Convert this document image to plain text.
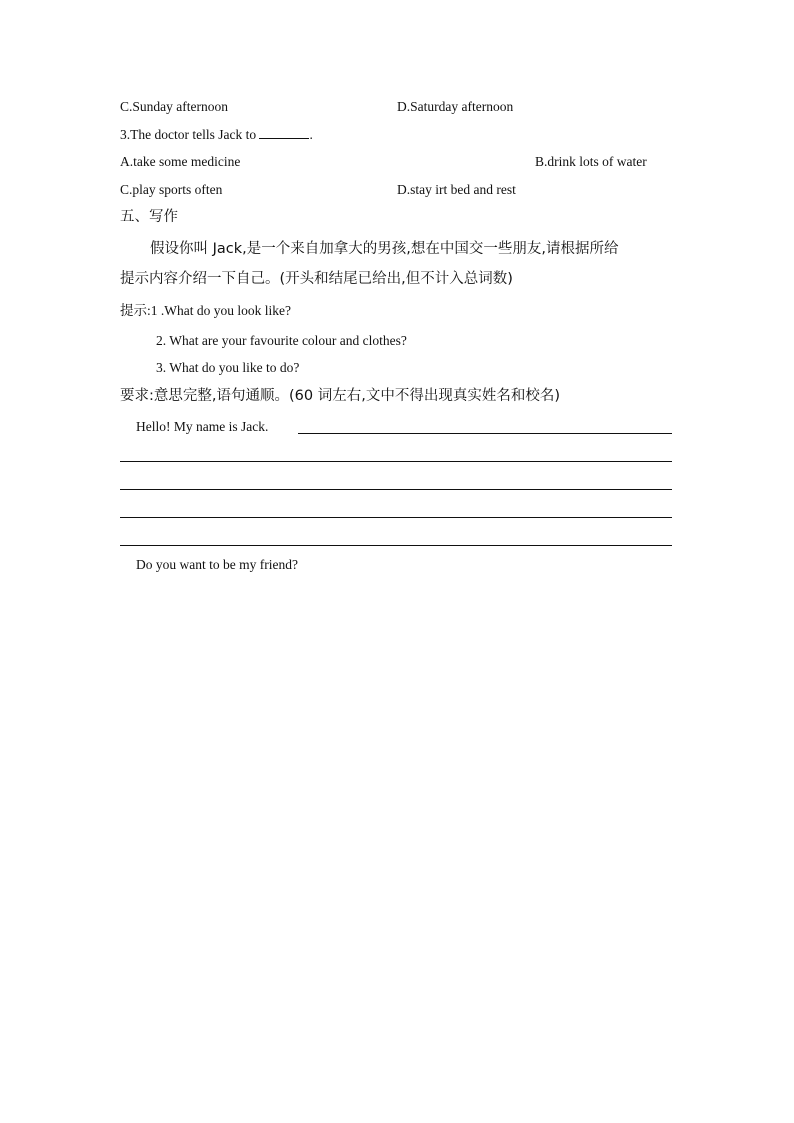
C.Sunday afternoon	D.Saturday afternoon
3.The doctor tells Jack to	.
A.take some medicine	B.drink lots of water
C.play sports often	D.stay irt bed and rest
五、写作
假设你叫 Jack,是一个来自加拿大的男孩,想在中国交一些朋友,请根据所给
提示内容介绍一下自己。(开头和结尾已给出,但不计入总词数)
提示:1 .What do you look like?
2. What are your favourite colour and clothes?
3. What do you like to do?
要求:意思完整,语句通顺。(60 词左右,文中不得出现真实姓名和校名)
Hello! My name is Jack.
Do you want to be my friend?
